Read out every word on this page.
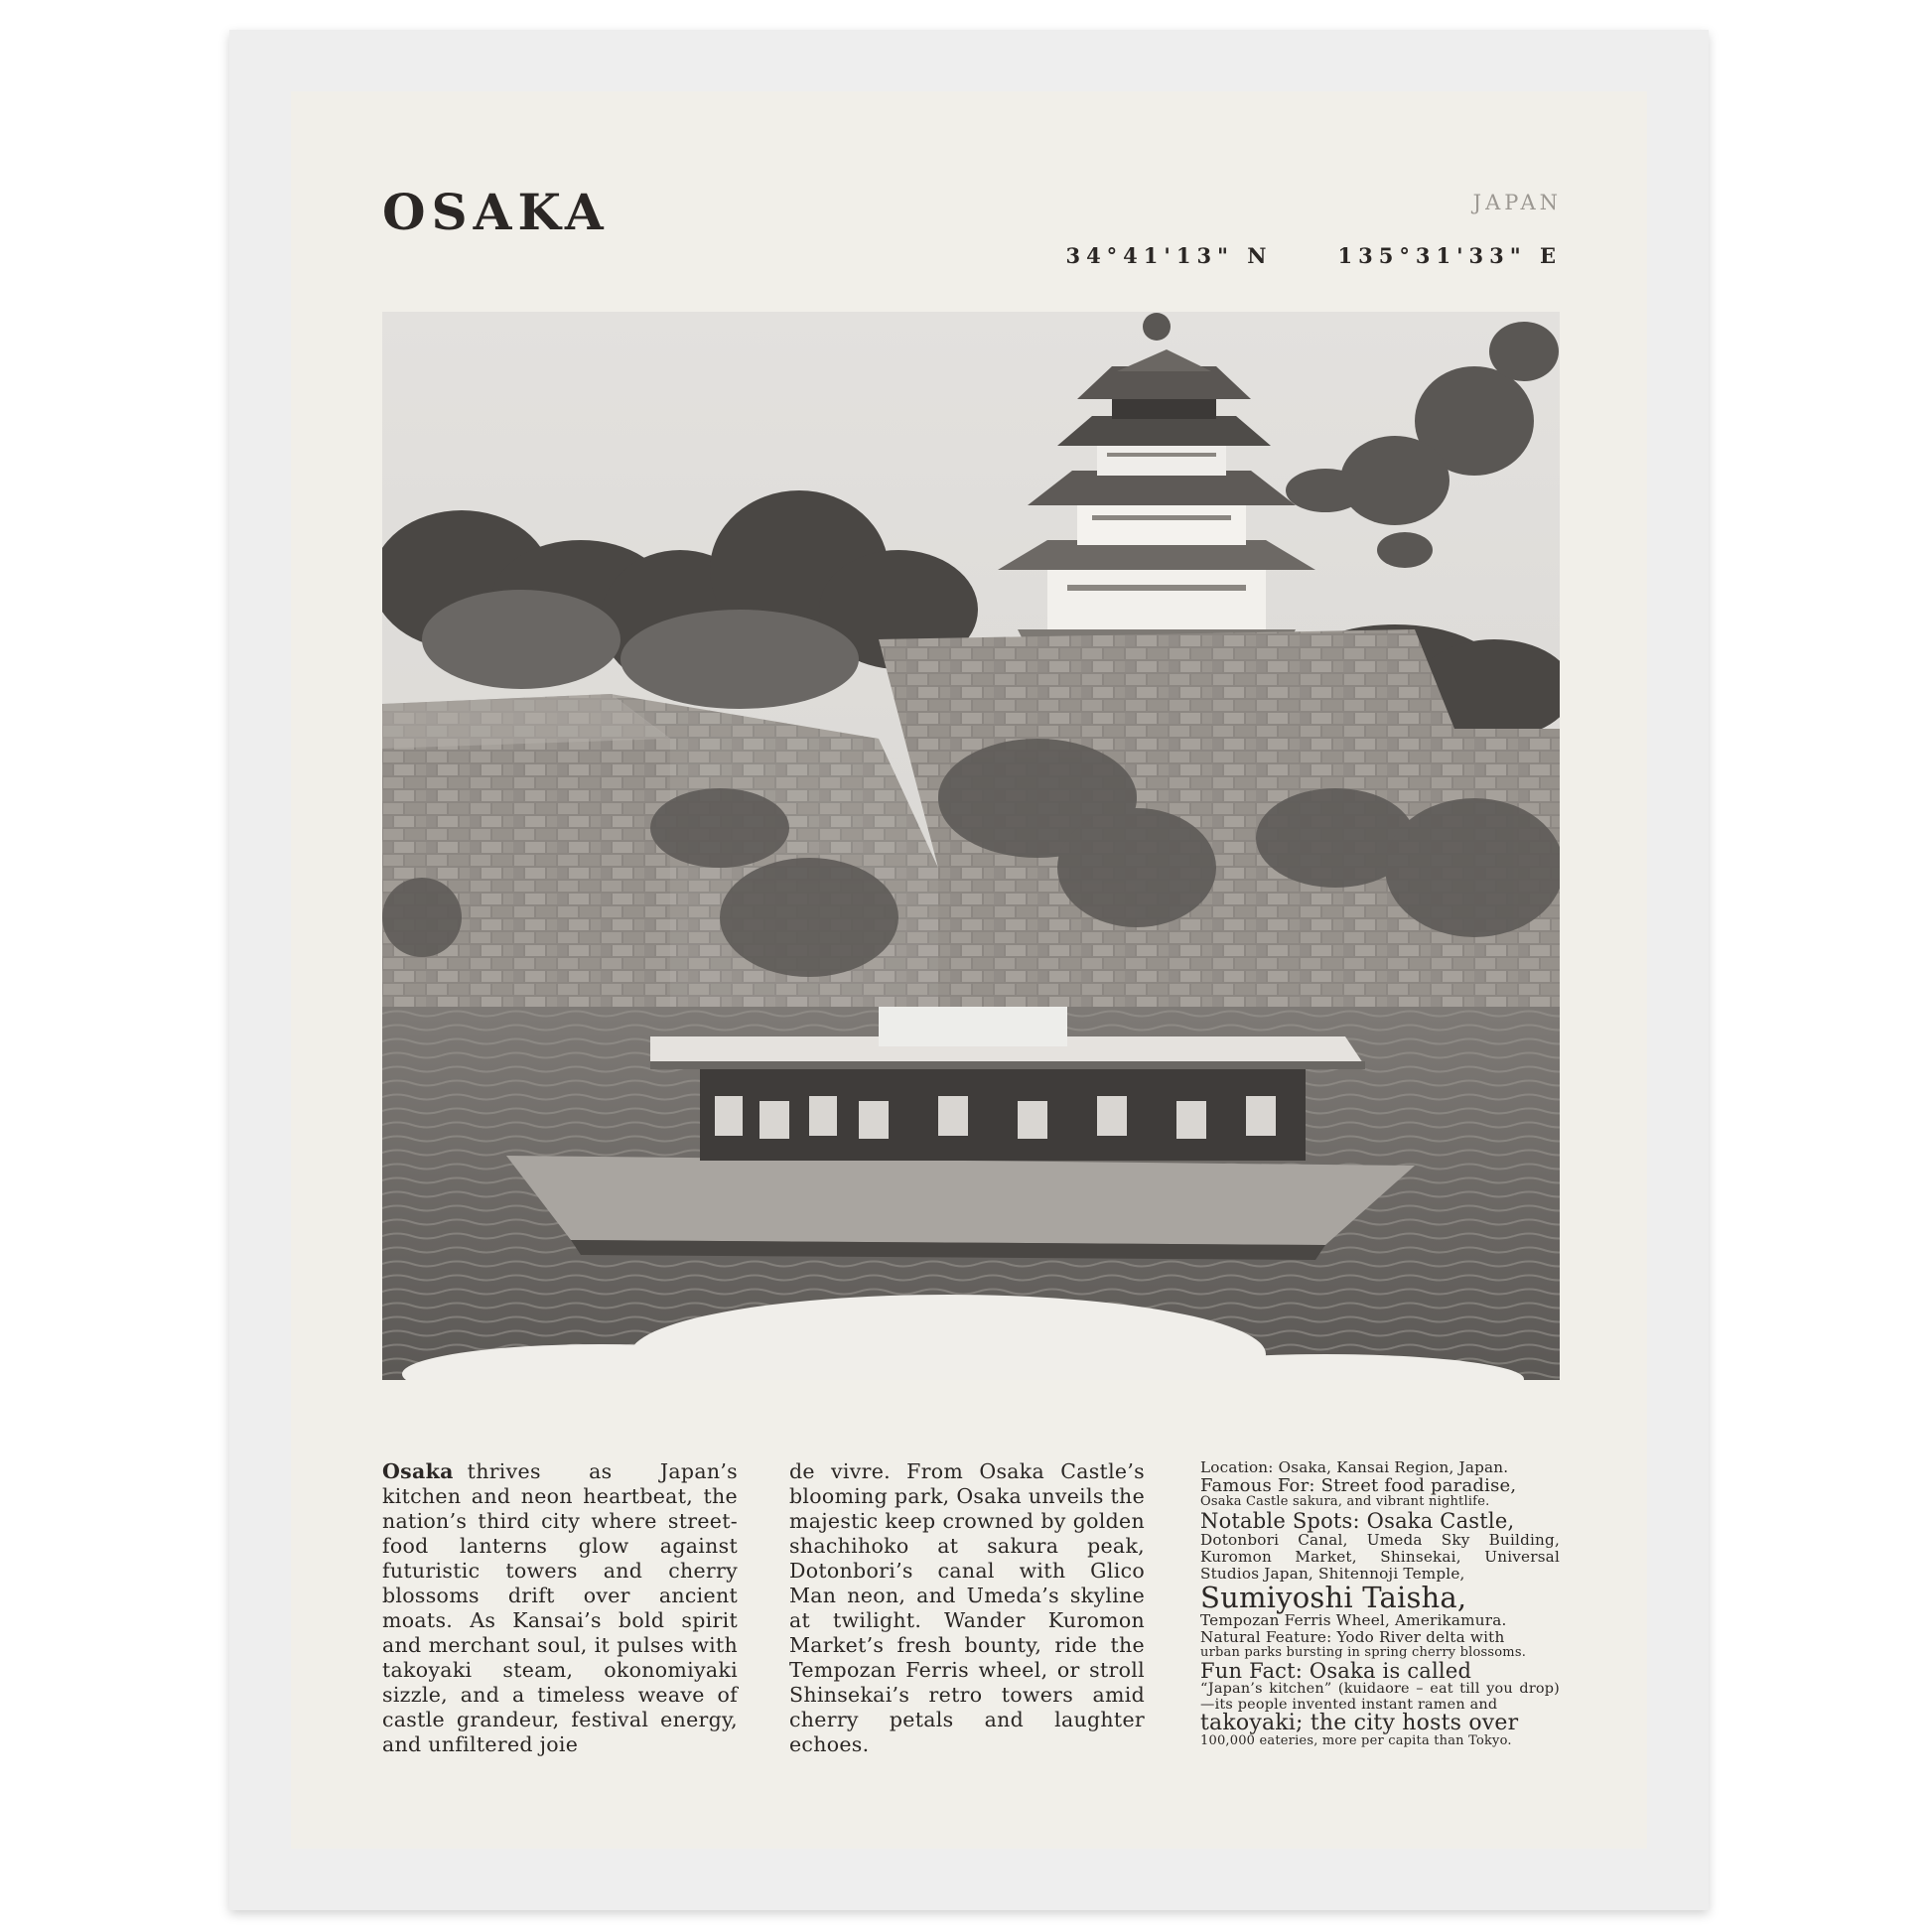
OSAKA	JAPAN
34°41'13" N	135°31'33" E
Osaka thrives as Japan’s kitchen and neon heartbeat, the nation’s third city where street-food lanterns glow against futuristic towers and cherry blossoms drift over ancient moats. As Kansai’s bold spirit and merchant soul, it pulses with takoyaki steam, okonomiyaki sizzle, and a timeless weave of castle grandeur, festival energy, and unfiltered joie
de vivre. From Osaka Castle’s blooming park, Osaka unveils the majestic keep crowned by golden shachihoko at sakura peak, Dotonbori’s canal with Glico Man neon, and Umeda’s skyline at twilight. Wander Kuromon Market’s fresh bounty, ride the Tempozan Ferris wheel, or stroll Shinsekai’s retro towers amid cherry petals and laughter echoes.
Location: Osaka, Kansai Region, Japan.
Famous For: Street food paradise,
Osaka Castle sakura, and vibrant nightlife.
Notable Spots: Osaka Castle,
Dotonbori Canal, Umeda Sky Building, Kuromon Market, Shinsekai, Universal Studios Japan, Shitennoji Temple,
Sumiyoshi Taisha,
Tempozan Ferris Wheel, Amerikamura.
Natural Feature: Yodo River delta with
urban parks bursting in spring cherry blossoms.
Fun Fact: Osaka is called
“Japan’s kitchen” (kuidaore – eat till you drop)—its people invented instant ramen and
takoyaki; the city hosts over
100,000 eateries, more per capita than Tokyo.
